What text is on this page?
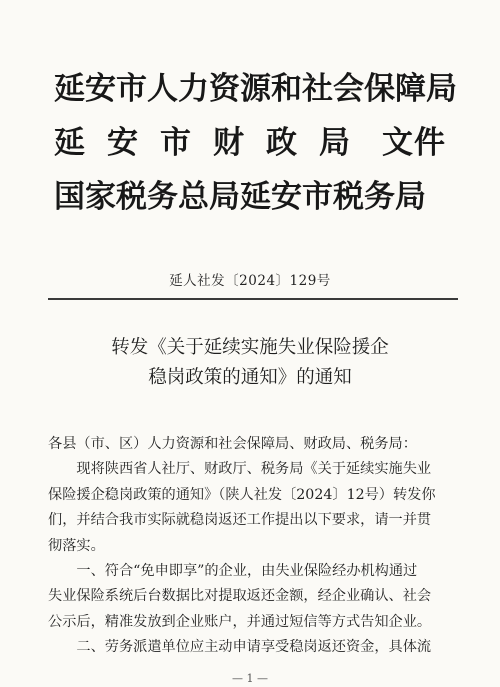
延安市人力资源和社会保障局
延安市财政局
国家税务总局延安市税务局
文件
延人社发〔2024〕129号
转发《关于延续实施失业保险援企
稳岗政策的通知》的通知

各县（市、区）人力资源和社会保障局、财政局、税务局：

现将陕西省人社厅、财政厅、税务局《关于延续实施失业
保险援企稳岗政策的通知》（陕人社发〔2024〕12号）转发你
们，并结合我市实际就稳岗返还工作提出以下要求，请一并贯
彻落实。

一、符合“免申即享”的企业，由失业保险经办机构通过
失业保险系统后台数据比对提取返还金额，经企业确认、社会
公示后，精准发放到企业账户，并通过短信等方式告知企业。

二、劳务派遣单位应主动申请享受稳岗返还资金，具体流

— 1 —
